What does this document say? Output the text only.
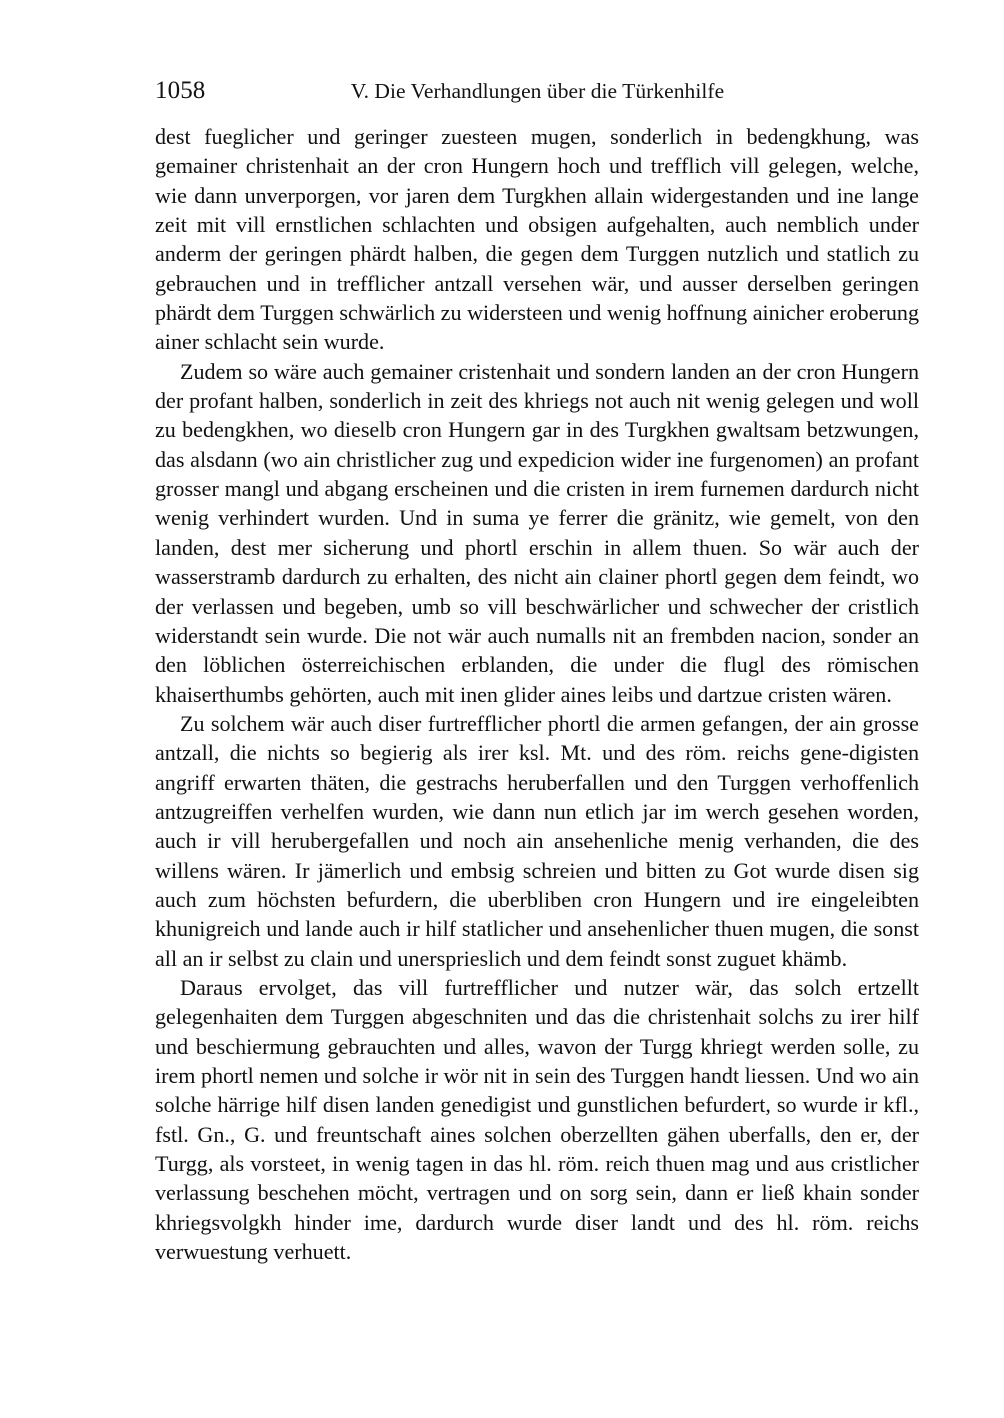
1058	V. Die Verhandlungen über die Türkenhilfe

dest fueglicher und geringer zuesteen mugen, sonderlich in bedengkhung, was gemainer christenhait an der cron Hungern hoch und trefflich vill gelegen, welche, wie dann unverporgen, vor jaren dem Turgkhen allain widergestanden und ine lange zeit mit vill ernstlichen schlachten und obsigen aufgehalten, auch nemblich under anderm der geringen phärdt halben, die gegen dem Turggen nutzlich und statlich zu gebrauchen und in trefflicher antzall versehen wär, und ausser derselben geringen phärdt dem Turggen schwärlich zu widersteen und wenig hoffnung ainicher eroberung ainer schlacht sein wurde.

Zudem so wäre auch gemainer cristenhait und sondern landen an der cron Hungern der profant halben, sonderlich in zeit des khriegs not auch nit wenig gelegen und woll zu bedengkhen, wo dieselb cron Hungern gar in des Turgkhen gwaltsam betzwungen, das alsdann (wo ain christlicher zug und expedicion wider ine furgenomen) an profant grosser mangl und abgang erscheinen und die cristen in irem furnemen dardurch nicht wenig verhindert wurden. Und in suma ye ferrer die gränitz, wie gemelt, von den landen, dest mer sicherung und phortl erschin in allem thuen. So wär auch der wasserstramb dardurch zu erhalten, des nicht ain clainer phortl gegen dem feindt, wo der verlassen und begeben, umb so vill beschwärlicher und schwecher der cristlich widerstandt sein wurde. Die not wär auch numalls nit an frembden nacion, sonder an den löblichen österreichischen erblanden, die under die flugl des römischen khaiserthumbs gehörten, auch mit inen glider aines leibs und dartzue cristen wären.

Zu solchem wär auch diser furtrefflicher phortl die armen gefangen, der ain grosse antzall, die nichts so begierig als irer ksl. Mt. und des röm. reichs gene-digisten angriff erwarten thäten, die gestrachs heruberfallen und den Turggen verhoffenlich antzugreiffen verhelfen wurden, wie dann nun etlich jar im werch gesehen worden, auch ir vill herubergefallen und noch ain ansehenliche menig verhanden, die des willens wären. Ir jämerlich und embsig schreien und bitten zu Got wurde disen sig auch zum höchsten befurdern, die uberbliben cron Hungern und ire eingeleibten khunigreich und lande auch ir hilf statlicher und ansehenlicher thuen mugen, die sonst all an ir selbst zu clain und unersprieslich und dem feindt sonst zuguet khämb.

Daraus ervolget, das vill furtrefflicher und nutzer wär, das solch ertzellt gelegenhaiten dem Turggen abgeschniten und das die christenhait solchs zu irer hilf und beschiermung gebrauchten und alles, wavon der Turgg khriegt werden solle, zu irem phortl nemen und solche ir wör nit in sein des Turggen handt liessen. Und wo ain solche härrige hilf disen landen genedigist und gunstlichen befurdert, so wurde ir kfl., fstl. Gn., G. und freuntschaft aines solchen oberzellten gähen uberfalls, den er, der Turgg, als vorsteet, in wenig tagen in das hl. röm. reich thuen mag und aus cristlicher verlassung beschehen möcht, vertragen und on sorg sein, dann er ließ khain sonder khriegsvolgkh hinder ime, dardurch wurde diser landt und des hl. röm. reichs verwuestung verhuett.
